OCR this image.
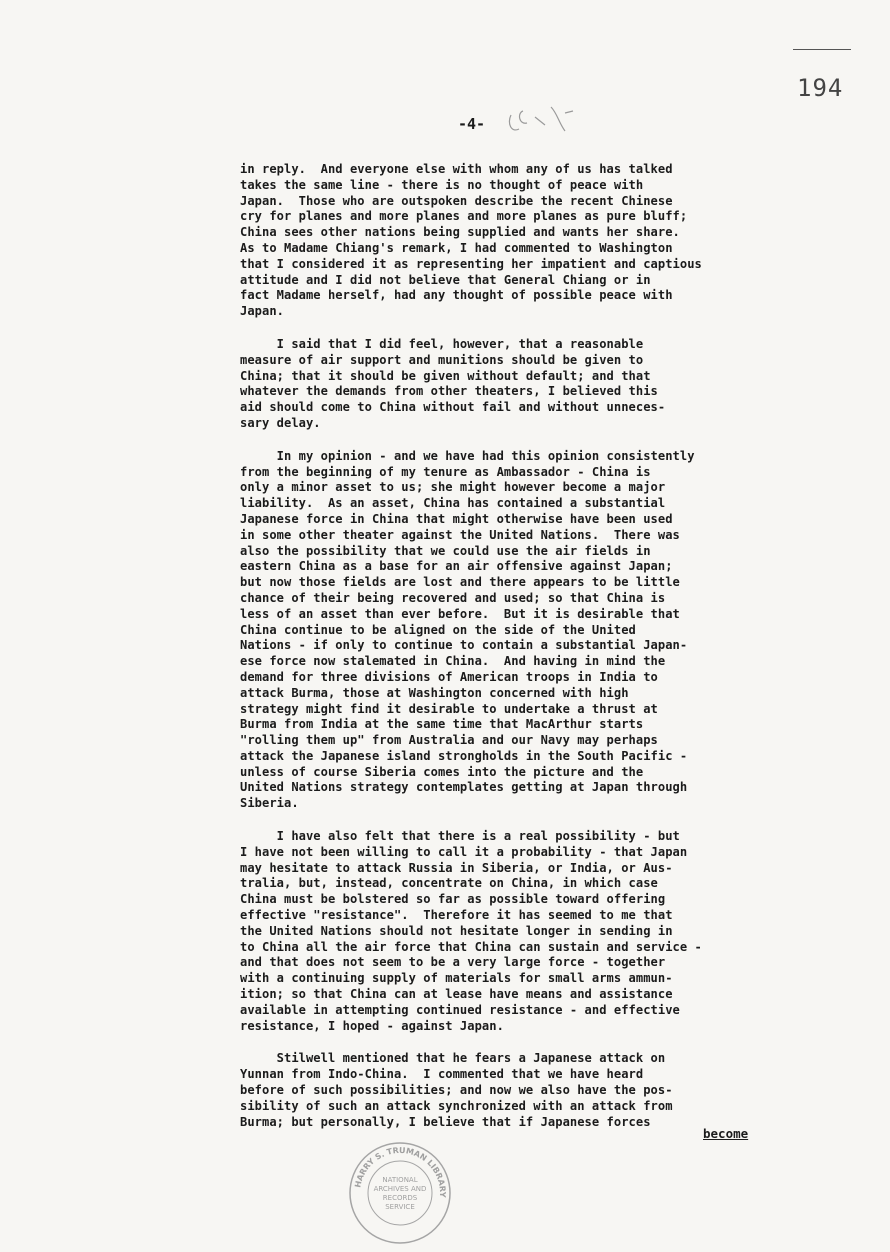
194
-4-

in reply.  And everyone else with whom any of us has talked
takes the same line - there is no thought of peace with
Japan.  Those who are outspoken describe the recent Chinese
cry for planes and more planes and more planes as pure bluff;
China sees other nations being supplied and wants her share.
As to Madame Chiang's remark, I had commented to Washington
that I considered it as representing her impatient and captious
attitude and I did not believe that General Chiang or in
fact Madame herself, had any thought of possible peace with
Japan.

I said that I did feel, however, that a reasonable
measure of air support and munitions should be given to
China; that it should be given without default; and that
whatever the demands from other theaters, I believed this
aid should come to China without fail and without unneces-
sary delay.

In my opinion - and we have had this opinion consistently
from the beginning of my tenure as Ambassador - China is
only a minor asset to us; she might however become a major
liability.  As an asset, China has contained a substantial
Japanese force in China that might otherwise have been used
in some other theater against the United Nations.  There was
also the possibility that we could use the air fields in
eastern China as a base for an air offensive against Japan;
but now those fields are lost and there appears to be little
chance of their being recovered and used; so that China is
less of an asset than ever before.  But it is desirable that
China continue to be aligned on the side of the United
Nations - if only to continue to contain a substantial Japan-
ese force now stalemated in China.  And having in mind the
demand for three divisions of American troops in India to
attack Burma, those at Washington concerned with high
strategy might find it desirable to undertake a thrust at
Burma from India at the same time that MacArthur starts
"rolling them up" from Australia and our Navy may perhaps
attack the Japanese island strongholds in the South Pacific -
unless of course Siberia comes into the picture and the
United Nations strategy contemplates getting at Japan through
Siberia.

I have also felt that there is a real possibility - but
I have not been willing to call it a probability - that Japan
may hesitate to attack Russia in Siberia, or India, or Aus-
tralia, but, instead, concentrate on China, in which case
China must be bolstered so far as possible toward offering
effective "resistance".  Therefore it has seemed to me that
the United Nations should not hesitate longer in sending in
to China all the air force that China can sustain and service -
and that does not seem to be a very large force - together
with a continuing supply of materials for small arms ammun-
ition; so that China can at lease have means and assistance
available in attempting continued resistance - and effective
resistance, I hoped - against Japan.

Stilwell mentioned that he fears a Japanese attack on
Yunnan from Indo-China.  I commented that we have heard
before of such possibilities; and now we also have the pos-
sibility of such an attack synchronized with an attack from
Burma; but personally, I believe that if Japanese forces

become
HARRY S. TRUMAN LIBRARY
NATIONAL
ARCHIVES AND
RECORDS
SERVICE
